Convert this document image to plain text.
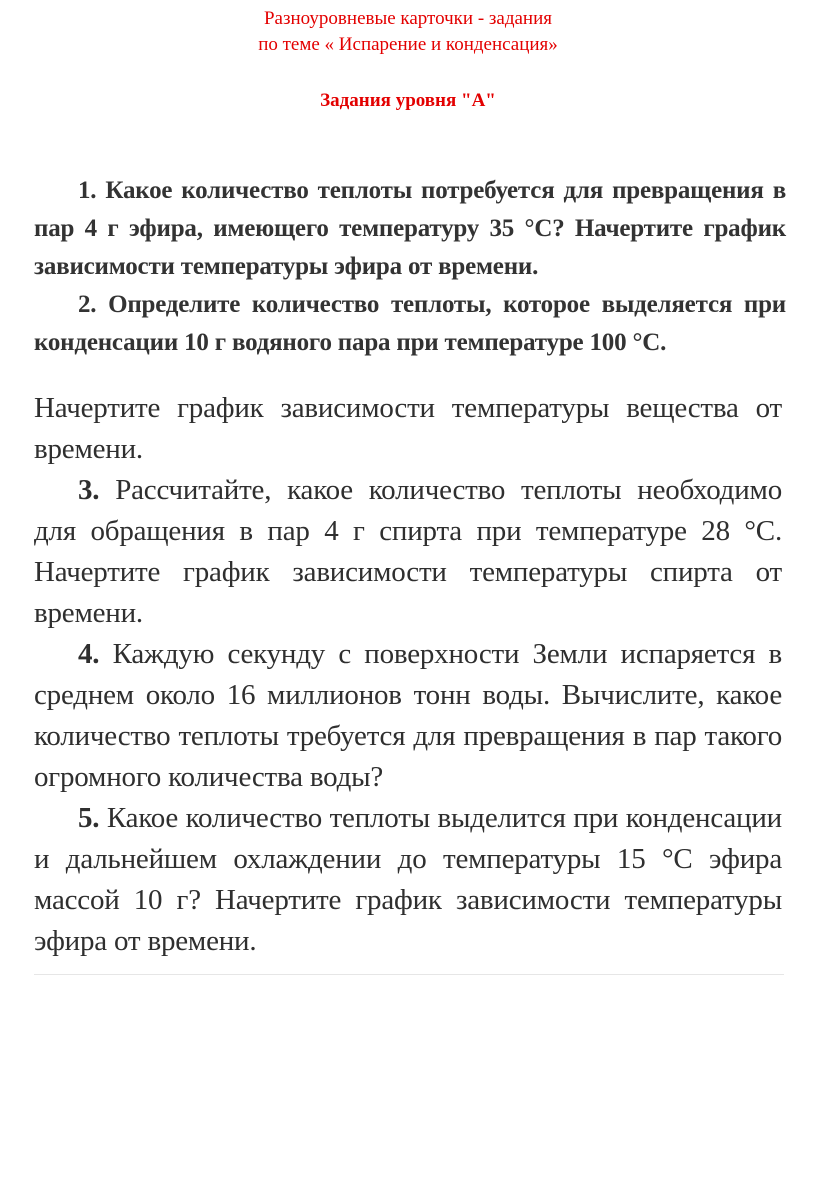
Разноуровневые карточки - задания
по теме « Испарение и конденсация»
Задания уровня "А"

1. Какое количество теплоты потребуется для превращения в пар 4 г эфира, имеющего температуру 35 °С? Начертите график зависимости температуры эфира от времени.

2. Определите количество теплоты, которое выделяется при конденсации 10 г водяного пара при температуре 100 °С.

Начертите график зависимости температуры вещества от времени.

3. Рассчитайте, какое количество теплоты необходимо для обращения в пар 4 г спирта при температуре 28 °С. Начертите график зависимости температуры спирта от времени.

4. Каждую секунду с поверхности Земли испаряется в среднем около 16 миллионов тонн воды. Вычислите, какое количество теплоты требуется для превращения в пар такого огромного количества воды?

5. Какое количество теплоты выделится при конденсации и дальнейшем охлаждении до температуры 15 °С эфира массой 10 г? Начертите график зависимости температуры эфира от времени.
